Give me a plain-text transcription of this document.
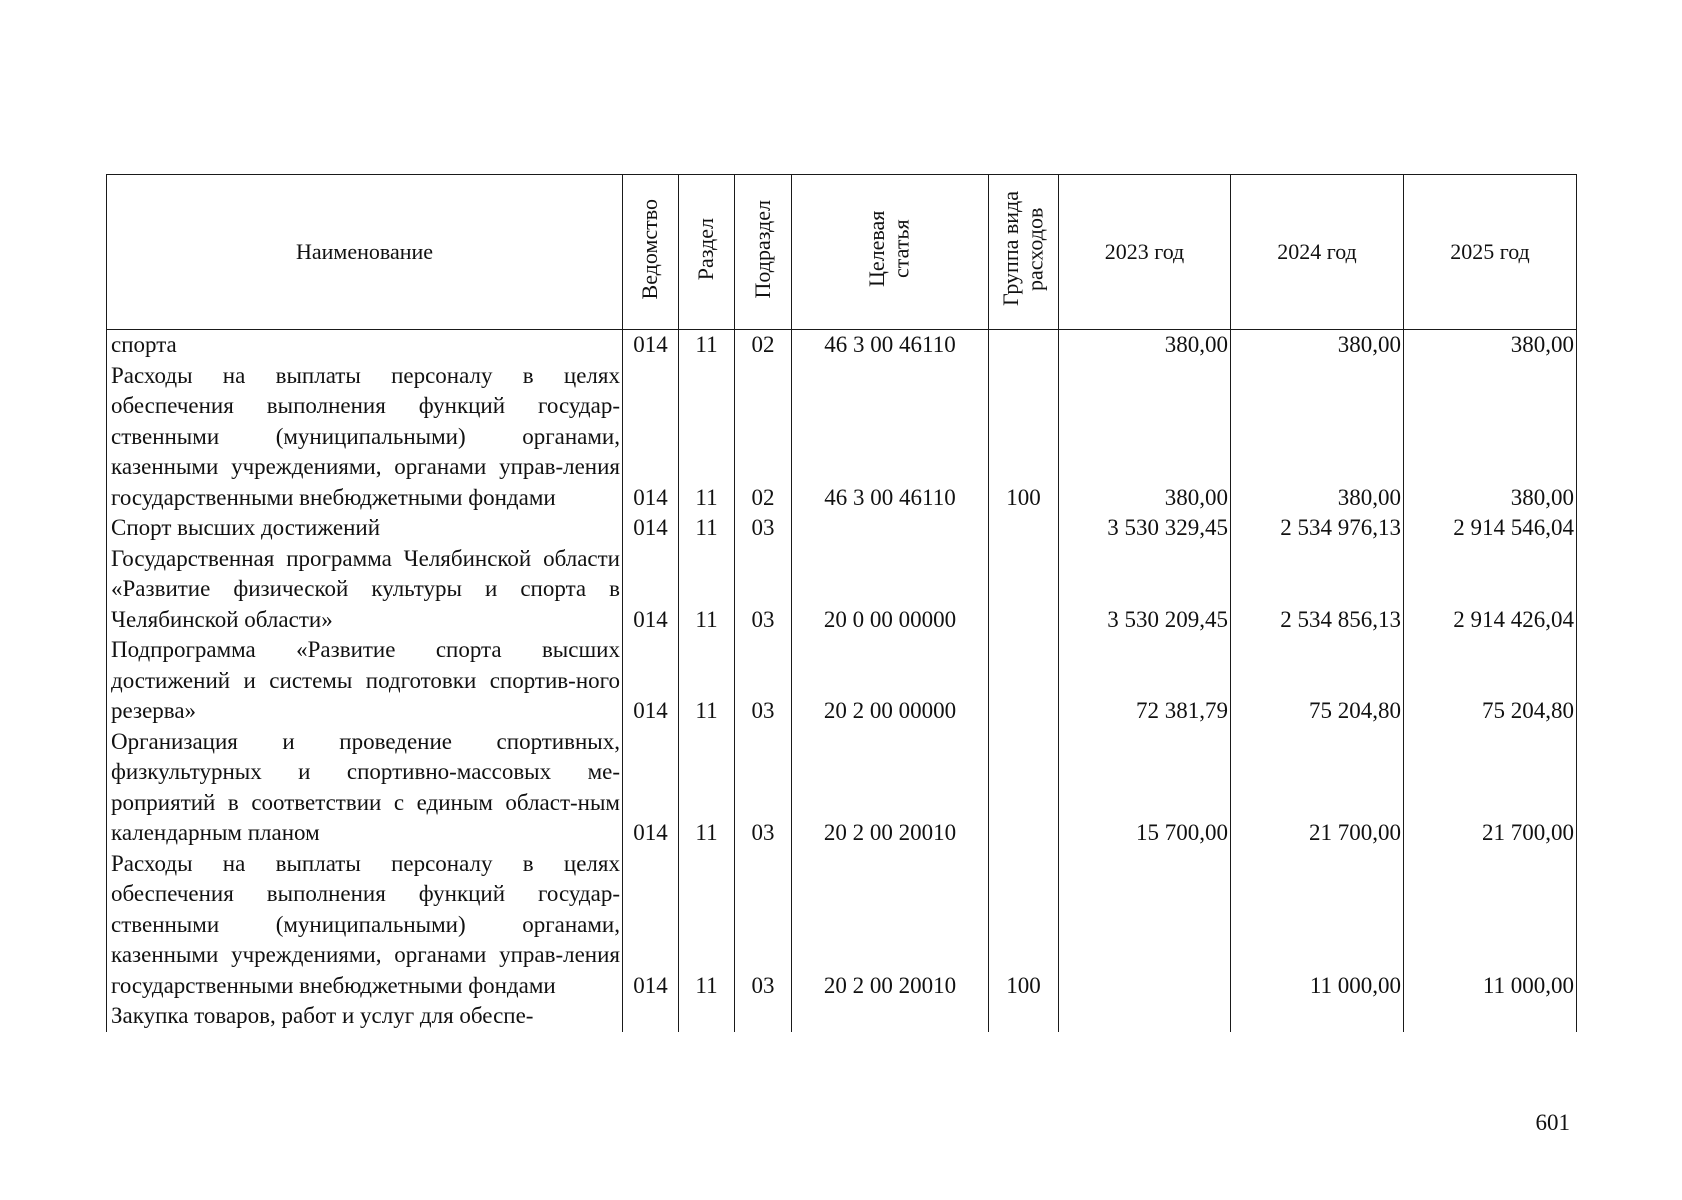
Наименование	Ведомство	Раздел	Подраздел	Целевая статья	Группа вида расходов	2023 год	2024 год	2025 год
спорта	014	11	02	46 3 00 46110		380,00	380,00	380,00
Расходы на выплаты персоналу в целях обеспечения выполнения функций государ-ственными (муниципальными) органами, казенными учреждениями, органами управ-ления государственными внебюджетными фондами	014	11	02	46 3 00 46110	100	380,00	380,00	380,00
Спорт высших достижений	014	11	03			3 530 329,45	2 534 976,13	2 914 546,04
Государственная программа Челябинской области «Развитие физической культуры и спорта в Челябинской области»	014	11	03	20 0 00 00000		3 530 209,45	2 534 856,13	2 914 426,04
Подпрограмма «Развитие спорта высших достижений и системы подготовки спортив-ного резерва»	014	11	03	20 2 00 00000		72 381,79	75 204,80	75 204,80
Организация и проведение спортивных, физкультурных и спортивно-массовых ме-роприятий в соответствии с единым област-ным календарным планом	014	11	03	20 2 00 20010		15 700,00	21 700,00	21 700,00
Расходы на выплаты персоналу в целях обеспечения выполнения функций государ-ственными (муниципальными) органами, казенными учреждениями, органами управ-ления государственными внебюджетными фондами	014	11	03	20 2 00 20010	100		11 000,00	11 000,00
Закупка товаров, работ и услуг для обеспе-								
601
